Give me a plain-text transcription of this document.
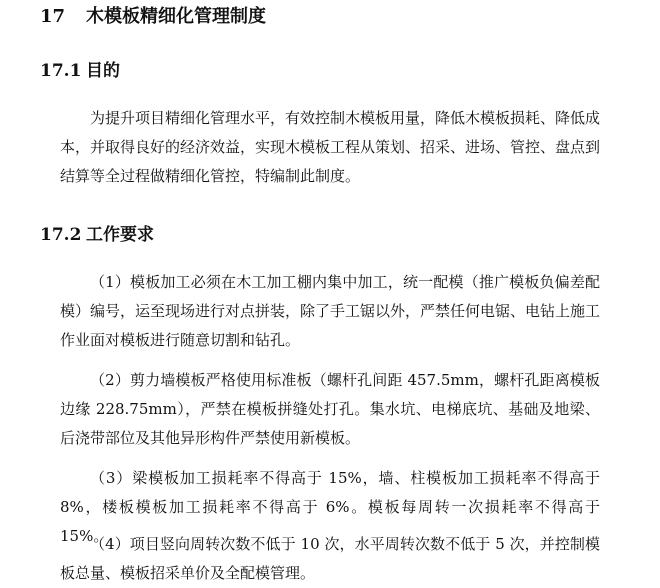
17 木模板精细化管理制度
17.1 目的

为提升项目精细化管理水平，有效控制木模板用量，降低木模板损耗、降低成本，并取得良好的经济效益，实现木模板工程从策划、招采、进场、管控、盘点到结算等全过程做精细化管控，特编制此制度。

17.2 工作要求

（1）模板加工必须在木工加工棚内集中加工，统一配模（推广模板负偏差配模）编号，运至现场进行对点拼装，除了手工锯以外，严禁任何电锯、电钻上施工作业面对模板进行随意切割和钻孔。

（2）剪力墙模板严格使用标准板（螺杆孔间距 457.5mm，螺杆孔距离模板边缘 228.75mm），严禁在模板拼缝处打孔。集水坑、电梯底坑、基础及地梁、后浇带部位及其他异形构件严禁使用新模板。

（3）梁模板加工损耗率不得高于 15%，墙、柱模板加工损耗率不得高于 8%，楼板模板加工损耗率不得高于 6%。模板每周转一次损耗率不得高于 15%。

（4）项目竖向周转次数不低于 10 次，水平周转次数不低于 5 次，并控制模板总量、模板招采单价及全配模管理。
